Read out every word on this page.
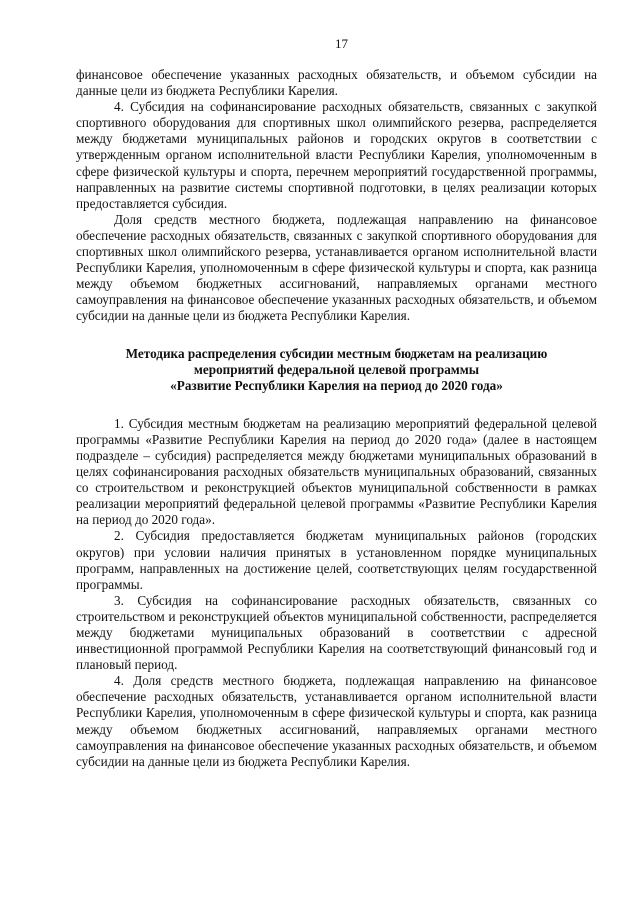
17

финансовое обеспечение указанных расходных обязательств, и объемом субсидии на данные цели из бюджета Республики Карелия.

4. Субсидия на софинансирование расходных обязательств, связанных с закупкой спортивного оборудования для спортивных школ олимпийского резерва, распределяется между бюджетами муниципальных районов и городских округов в соответствии с утвержденным органом исполнительной власти Республики Карелия, уполномоченным в сфере физической культуры и спорта, перечнем мероприятий государственной программы, направленных на развитие системы спортивной подготовки, в целях реализации которых предоставляется субсидия.

Доля средств местного бюджета, подлежащая направлению на финансовое обеспечение расходных обязательств, связанных с закупкой спортивного оборудования для спортивных школ олимпийского резерва, устанавливается органом исполнительной власти Республики Карелия, уполномоченным в сфере физической культуры и спорта, как разница между объемом бюджетных ассигнований, направляемых органами местного самоуправления на финансовое обеспечение указанных расходных обязательств, и объемом субсидии на данные цели из бюджета Республики Карелия.

Методика распределения субсидии местным бюджетам на реализацию
мероприятий федеральной целевой программы
«Развитие Республики Карелия на период до 2020 года»

1. Субсидия местным бюджетам на реализацию мероприятий федеральной целевой программы «Развитие Республики Карелия на период до 2020 года» (далее в настоящем подразделе – субсидия) распределяется между бюджетами муниципальных образований в целях софинансирования расходных обязательств муниципальных образований, связанных со строительством и реконструкцией объектов муниципальной собственности в рамках реализации мероприятий федеральной целевой программы «Развитие Республики Карелия на период до 2020 года».

2. Субсидия предоставляется бюджетам муниципальных районов (городских округов) при условии наличия принятых в установленном порядке муниципальных программ, направленных на достижение целей, соответствующих целям государственной программы.

3. Субсидия на софинансирование расходных обязательств, связанных со строительством и реконструкцией объектов муниципальной собственности, распределяется между бюджетами муниципальных образований в соответствии с адресной инвестиционной программой Республики Карелия на соответствующий финансовый год и плановый период.

4. Доля средств местного бюджета, подлежащая направлению на финансовое обеспечение расходных обязательств, устанавливается органом исполнительной власти Республики Карелия, уполномоченным в сфере физической культуры и спорта, как разница между объемом бюджетных ассигнований, направляемых органами местного самоуправления на финансовое обеспечение указанных расходных обязательств, и объемом субсидии на данные цели из бюджета Республики Карелия.
